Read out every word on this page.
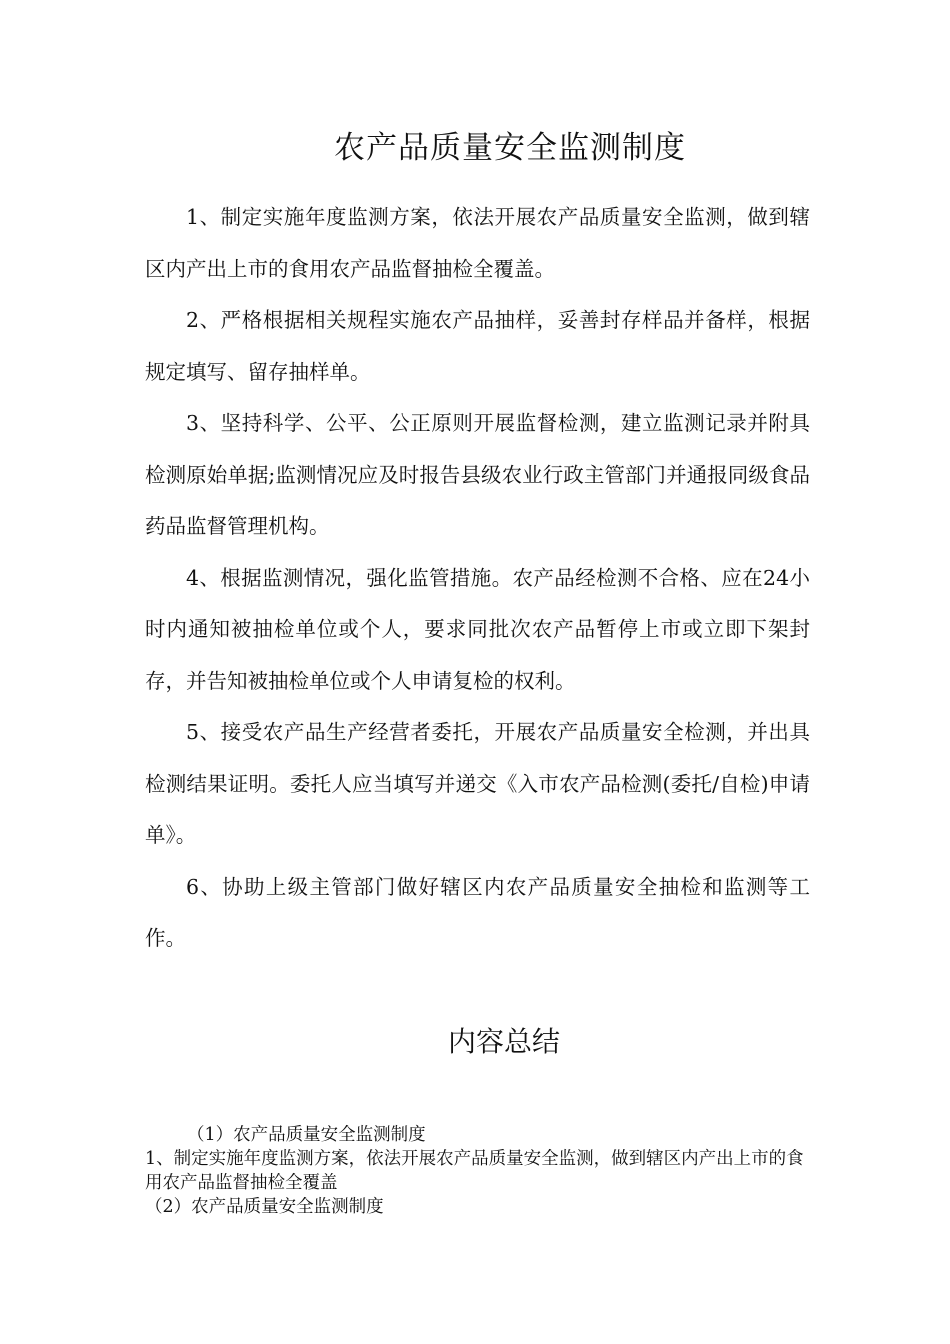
农产品质量安全监测制度

1、制定实施年度监测方案，依法开展农产品质量安全监测，做到辖区内产出上市的食用农产品监督抽检全覆盖。

2、严格根据相关规程实施农产品抽样，妥善封存样品并备样，根据规定填写、留存抽样单。

3、坚持科学、公平、公正原则开展监督检测，建立监测记录并附具检测原始单据;监测情况应及时报告县级农业行政主管部门并通报同级食品药品监督管理机构。

4、根据监测情况，强化监管措施。农产品经检测不合格、应在24小时内通知被抽检单位或个人，要求同批次农产品暂停上市或立即下架封存，并告知被抽检单位或个人申请复检的权利。

5、接受农产品生产经营者委托，开展农产品质量安全检测，并出具检测结果证明。委托人应当填写并递交《入市农产品检测(委托/自检)申请单》。

6、协助上级主管部门做好辖区内农产品质量安全抽检和监测等工作。

内容总结
（1）农产品质量安全监测制度
1、制定实施年度监测方案，依法开展农产品质量安全监测，做到辖区内产出上市的食用农产品监督抽检全覆盖
（2）农产品质量安全监测制度
